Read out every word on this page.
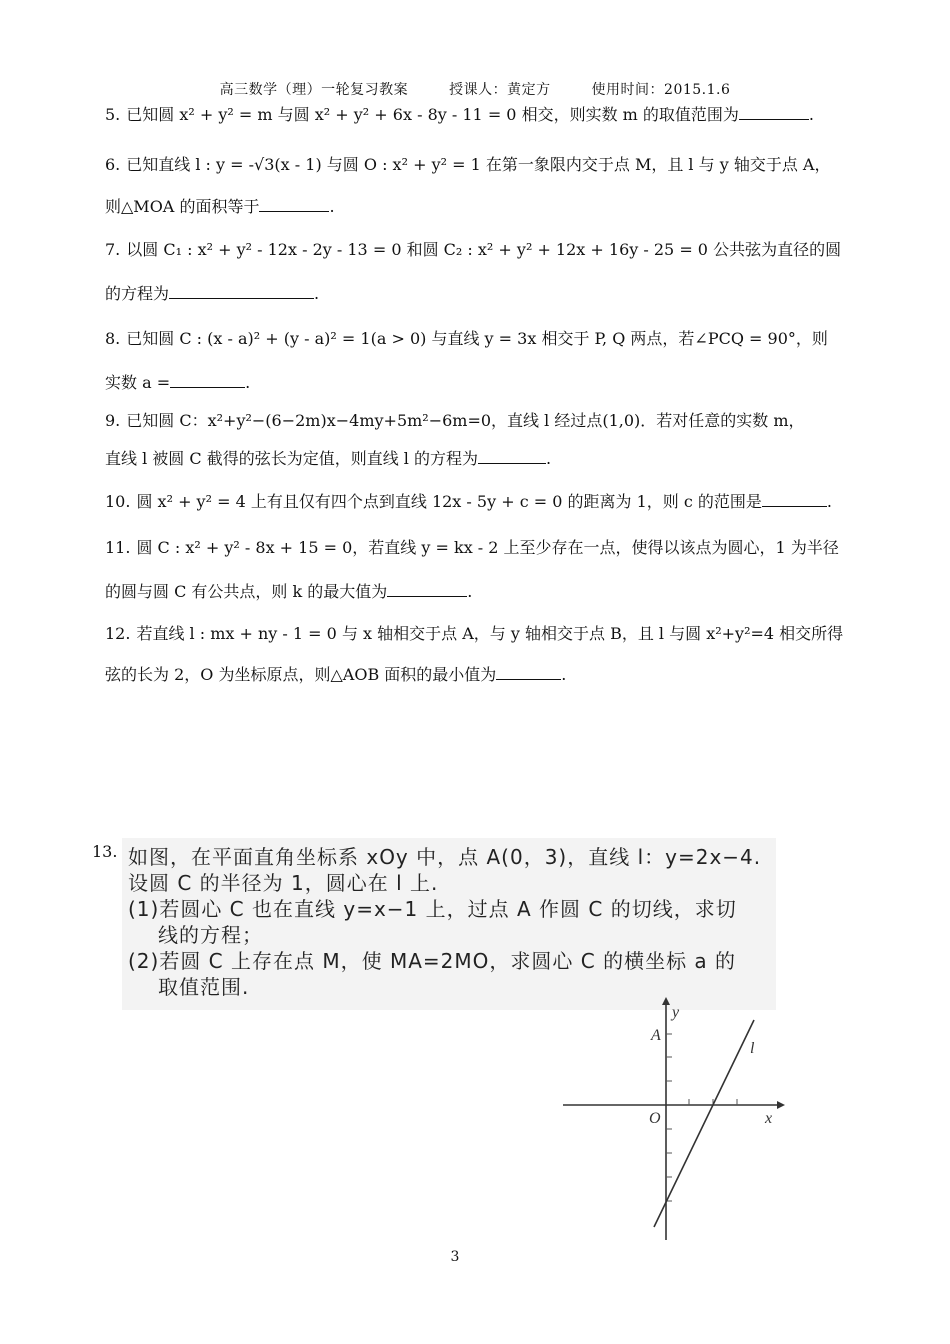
高三数学（理）一轮复习教案	授课人：黄定方	使用时间：2015.1.6
5. 已知圆 x² + y² = m 与圆 x² + y² + 6x - 8y - 11 = 0 相交，则实数 m 的取值范围为	.
6. 已知直线 l : y = -√3(x - 1) 与圆 O : x² + y² = 1 在第一象限内交于点 M，且 l 与 y 轴交于点 A，
则△MOA 的面积等于	.
7. 以圆 C₁ : x² + y² - 12x - 2y - 13 = 0 和圆 C₂ : x² + y² + 12x + 16y - 25 = 0 公共弦为直径的圆
的方程为	.
8. 已知圆 C : (x - a)² + (y - a)² = 1(a > 0) 与直线 y = 3x 相交于 P, Q 两点，若∠PCQ = 90°，则
实数 a =	.
9. 已知圆 C：x²+y²−(6−2m)x−4my+5m²−6m=0，直线 l 经过点(1,0)．若对任意的实数 m，
直线 l 被圆 C 截得的弦长为定值，则直线 l 的方程为	.
10. 圆 x² + y² = 4 上有且仅有四个点到直线 12x - 5y + c = 0 的距离为 1，则 c 的范围是	.
11. 圆 C : x² + y² - 8x + 15 = 0，若直线 y = kx - 2 上至少存在一点，使得以该点为圆心，1 为半径
的圆与圆 C 有公共点，则 k 的最大值为	.
12. 若直线 l : mx + ny - 1 = 0 与 x 轴相交于点 A，与 y 轴相交于点 B，且 l 与圆 x²+y²=4 相交所得
弦的长为 2，O 为坐标原点，则△AOB 面积的最小值为	.
13. 如图，在平面直角坐标系 xOy 中，点 A(0，3)，直线 l：y=2x−4.
设圆 C 的半径为 1，圆心在 l 上.
(1)若圆心 C 也在直线 y=x−1 上，过点 A 作圆 C 的切线，求切
线的方程；
(2)若圆 C 上存在点 M，使 MA=2MO，求圆心 C 的横坐标 a 的
取值范围.
y
x
O
A
l
3
